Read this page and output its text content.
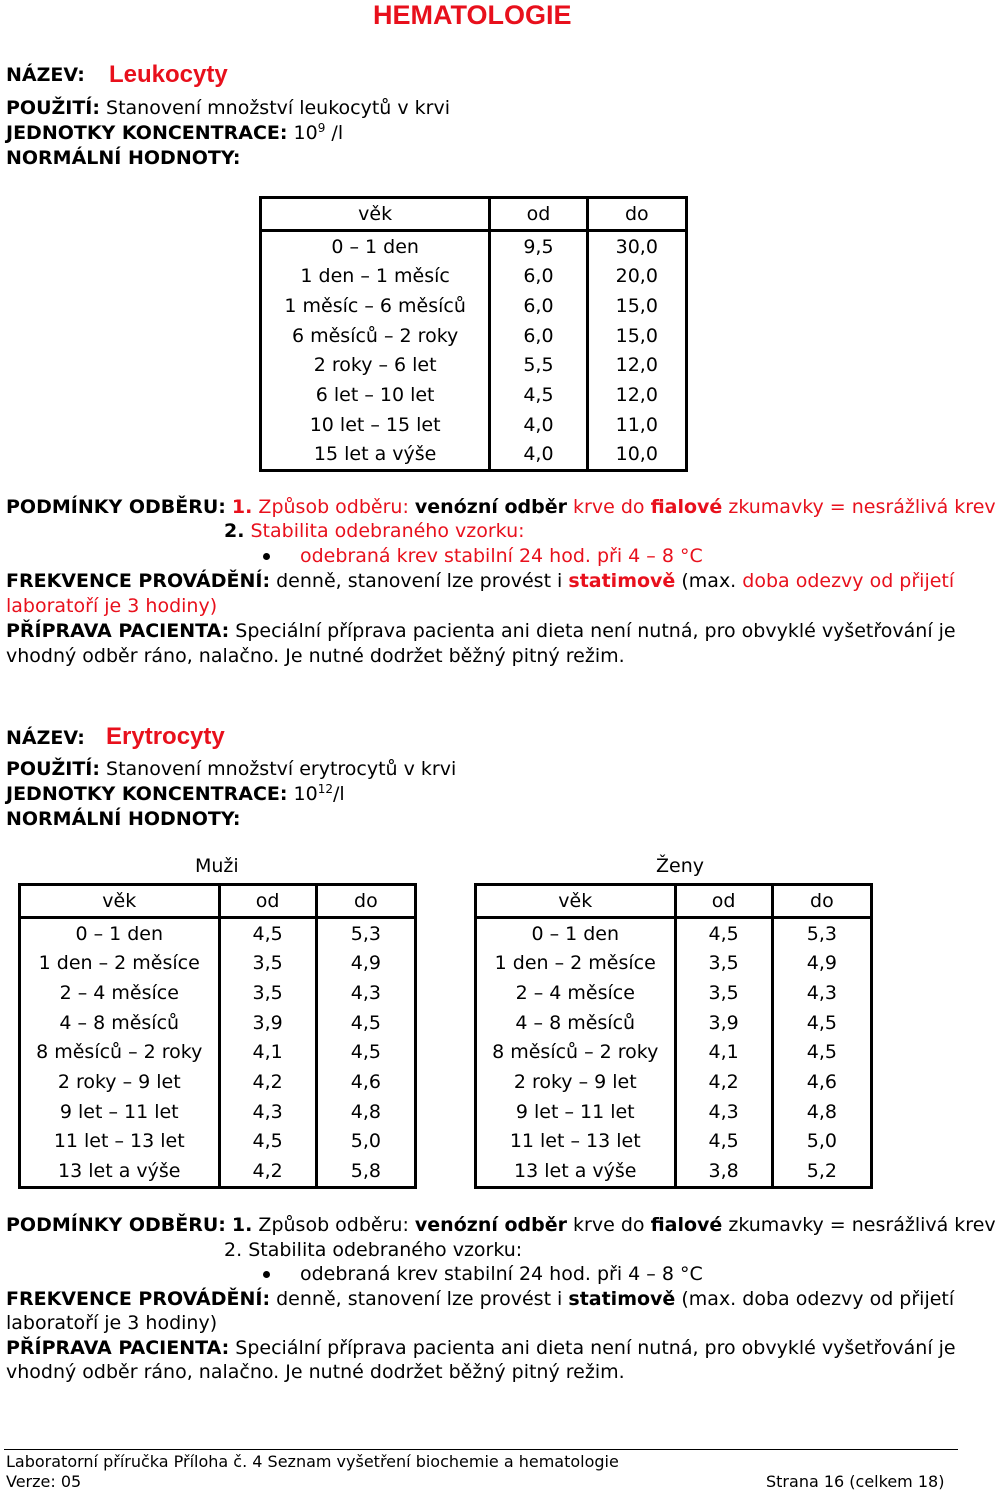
HEMATOLOGIE
NÁZEV: Leukocyty
POUŽITÍ: Stanovení množství leukocytů v krvi
JEDNOTKY KONCENTRACE: $10^9$ /l
NORMÁLNÍ HODNOTY:
věk	od	do
0 – 1 den	9,5	30,0
1 den – 1 měsíc	6,0	20,0
1 měsíc – 6 měsíců	6,0	15,0
6 měsíců – 2 roky	6,0	15,0
2 roky – 6 let	5,5	12,0
6 let – 10 let	4,5	12,0
10 let – 15 let	4,0	11,0
15 let a výše	4,0	10,0
PODMÍNKY ODBĚRU: 1. Způsob odběru: venózní odběr krve do fialové zkumavky = nesrážlivá krev
2. Stabilita odebraného vzorku:
odebraná krev stabilní 24 hod. při 4 – 8 °C
FREKVENCE PROVÁDĚNÍ: denně, stanovení lze provést i statimově (max. doba odezvy od přijetí
laboratoří je 3 hodiny)
PŘÍPRAVA PACIENTA: Speciální příprava pacienta ani dieta není nutná, pro obvyklé vyšetřování je
vhodný odběr ráno, nalačno. Je nutné dodržet běžný pitný režim.
NÁZEV: Erytrocyty
POUŽITÍ: Stanovení množství erytrocytů v krvi
JEDNOTKY KONCENTRACE: $10^{12}/l$
NORMÁLNÍ HODNOTY:
Muži	Ženy
věk	od	do
0 – 1 den	4,5	5,3
1 den – 2 měsíce	3,5	4,9
2 – 4 měsíce	3,5	4,3
4 – 8 měsíců	3,9	4,5
8 měsíců – 2 roky	4,1	4,5
2 roky – 9 let	4,2	4,6
9 let – 11 let	4,3	4,8
11 let – 13 let	4,5	5,0
13 let a výše	4,2	5,8
věk	od	do
0 – 1 den	4,5	5,3
1 den – 2 měsíce	3,5	4,9
2 – 4 měsíce	3,5	4,3
4 – 8 měsíců	3,9	4,5
8 měsíců – 2 roky	4,1	4,5
2 roky – 9 let	4,2	4,6
9 let – 11 let	4,3	4,8
11 let – 13 let	4,5	5,0
13 let a výše	3,8	5,2
PODMÍNKY ODBĚRU: 1. Způsob odběru: venózní odběr krve do fialové zkumavky = nesrážlivá krev
2. Stabilita odebraného vzorku:
odebraná krev stabilní 24 hod. při 4 – 8 °C
FREKVENCE PROVÁDĚNÍ: denně, stanovení lze provést i statimově (max. doba odezvy od přijetí
laboratoří je 3 hodiny)
PŘÍPRAVA PACIENTA: Speciální příprava pacienta ani dieta není nutná, pro obvyklé vyšetřování je
vhodný odběr ráno, nalačno. Je nutné dodržet běžný pitný režim.
Laboratorní příručka Příloha č. 4 Seznam vyšetření biochemie a hematologie
Verze: 05	Strana 16 (celkem 18)
